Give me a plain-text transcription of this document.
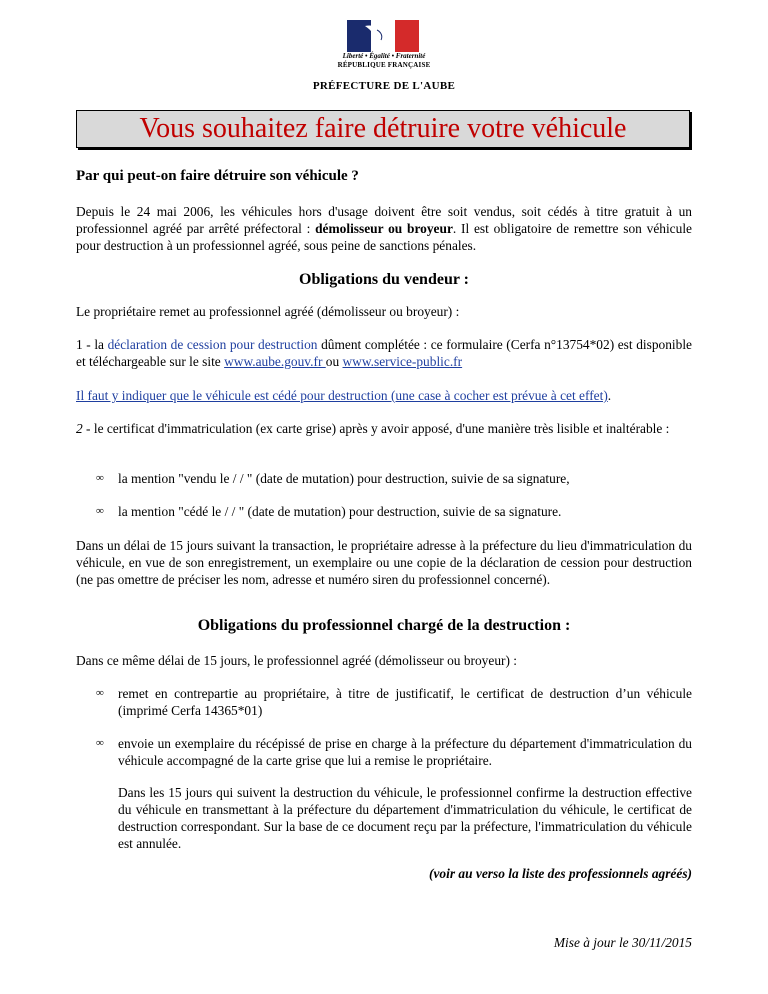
Liberté • Égalité • Fraternité
RÉPUBLIQUE FRANÇAISE
PRÉFECTURE DE L'AUBE
Vous souhaitez faire détruire votre véhicule
Par qui peut-on faire détruire son véhicule ?
Depuis le 24 mai 2006, les véhicules hors d'usage doivent être soit vendus, soit cédés à titre gratuit à un professionnel agréé par arrêté préfectoral : démolisseur ou broyeur. Il est obligatoire de remettre son véhicule pour destruction à un professionnel agréé, sous peine de sanctions pénales.
Obligations du vendeur :
Le propriétaire remet au professionnel agréé (démolisseur ou broyeur) :
1 - la déclaration de cession pour destruction dûment complétée : ce formulaire (Cerfa n°13754*02) est disponible et téléchargeable sur le site www.aube.gouv.fr ou www.service-public.fr
Il faut y indiquer que le véhicule est cédé pour destruction (une case à cocher est prévue à cet effet).
2 - le certificat d'immatriculation (ex carte grise) après y avoir apposé, d'une manière très lisible et inaltérable :
∞ la mention "vendu le / / " (date de mutation) pour destruction, suivie de sa signature,
∞ la mention "cédé le / / " (date de mutation) pour destruction, suivie de sa signature.
Dans un délai de 15 jours suivant la transaction, le propriétaire adresse à la préfecture du lieu d'immatriculation du véhicule, en vue de son enregistrement, un exemplaire ou une copie de la déclaration de cession pour destruction (ne pas omettre de préciser les nom, adresse et numéro siren du professionnel concerné).
Obligations du professionnel chargé de la destruction :
Dans ce même délai de 15 jours, le professionnel agréé (démolisseur ou broyeur) :
∞ remet en contrepartie au propriétaire, à titre de justificatif, le certificat de destruction d’un véhicule (imprimé Cerfa 14365*01)
∞ envoie un exemplaire du récépissé de prise en charge à la préfecture du département d'immatriculation du véhicule accompagné de la carte grise que lui a remise le propriétaire.
Dans les 15 jours qui suivent la destruction du véhicule, le professionnel confirme la destruction effective du véhicule en transmettant à la préfecture du département d'immatriculation du véhicule, le certificat de destruction correspondant. Sur la base de ce document reçu par la préfecture, l'immatriculation du véhicule est annulée.
(voir au verso la liste des professionnels agréés)
Mise à jour le 30/11/2015
